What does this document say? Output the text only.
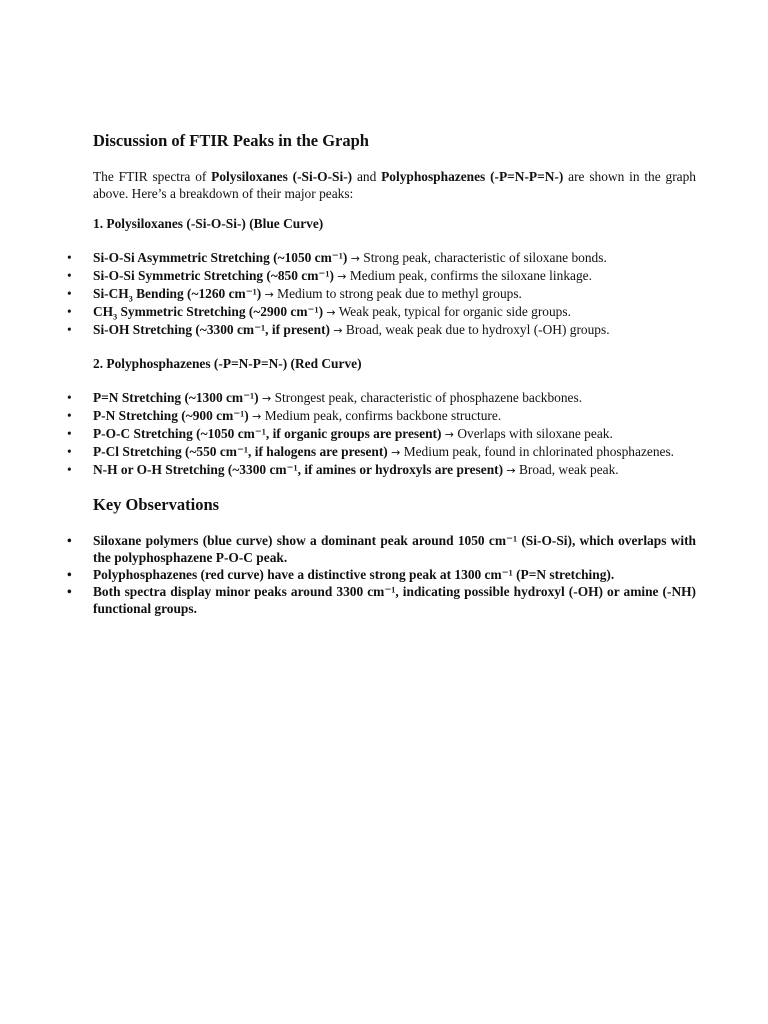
Discussion of FTIR Peaks in the Graph

The FTIR spectra of Polysiloxanes (-Si-O-Si-) and Polyphosphazenes (-P=N-P=N-) are shown in the graph above. Here’s a breakdown of their major peaks:

1. Polysiloxanes (-Si-O-Si-) (Blue Curve)
• Si-O-Si Asymmetric Stretching (~1050 cm⁻¹) → Strong peak, characteristic of siloxane bonds.
• Si-O-Si Symmetric Stretching (~850 cm⁻¹) → Medium peak, confirms the siloxane linkage.
• $Si-CH_3$ Bending (~1260 cm⁻¹) → Medium to strong peak due to methyl groups.
• $CH_3$ Symmetric Stretching (~2900 cm⁻¹) → Weak peak, typical for organic side groups.
• Si-OH Stretching (~3300 cm⁻¹, if present) → Broad, weak peak due to hydroxyl (-OH) groups.
2. Polyphosphazenes (-P=N-P=N-) (Red Curve)
• P=N Stretching (~1300 cm⁻¹) → Strongest peak, characteristic of phosphazene backbones.
• P-N Stretching (~900 cm⁻¹) → Medium peak, confirms backbone structure.
• P-O-C Stretching (~1050 cm⁻¹, if organic groups are present) → Overlaps with siloxane peak.
• P-Cl Stretching (~550 cm⁻¹, if halogens are present) → Medium peak, found in chlorinated phosphazenes.
• N-H or O-H Stretching (~3300 cm⁻¹, if amines or hydroxyls are present) → Broad, weak peak.
Key Observations
• Siloxane polymers (blue curve) show a dominant peak around 1050 cm⁻¹ (Si-O-Si), which overlaps with the polyphosphazene P-O-C peak.
• Polyphosphazenes (red curve) have a distinctive strong peak at 1300 cm⁻¹ (P=N stretching).
• Both spectra display minor peaks around 3300 cm⁻¹, indicating possible hydroxyl (-OH) or amine (-NH) functional groups.
